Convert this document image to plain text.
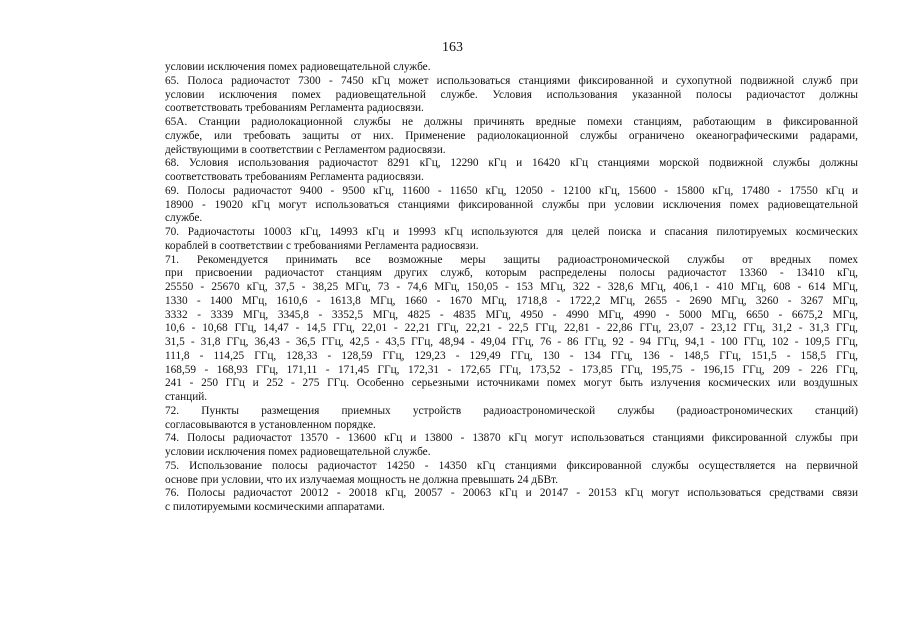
163

условии исключения помех радиовещательной службе.

65. Полоса радиочастот 7300 - 7450 кГц может использоваться станциями фиксированной и сухопутной подвижной служб при
условии исключения помех радиовещательной службе. Условия использования указанной полосы радиочастот должны
соответствовать требованиям Регламента радиосвязи.

65А. Станции радиолокационной службы не должны причинять вредные помехи станциям, работающим в фиксированной
службе, или требовать защиты от них. Применение радиолокационной службы ограничено океанографическими радарами,
действующими в соответствии с Регламентом радиосвязи.

68. Условия использования радиочастот 8291 кГц, 12290 кГц и 16420 кГц станциями морской подвижной службы должны
соответствовать требованиям Регламента радиосвязи.

69. Полосы радиочастот 9400 - 9500 кГц, 11600 - 11650 кГц, 12050 - 12100 кГц, 15600 - 15800 кГц, 17480 - 17550 кГц и
18900 - 19020 кГц могут использоваться станциями фиксированной службы при условии исключения помех радиовещательной
службе.

70. Радиочастоты 10003 кГц, 14993 кГц и 19993 кГц используются для целей поиска и спасания пилотируемых космических
кораблей в соответствии с требованиями Регламента радиосвязи.

71. Рекомендуется принимать все возможные меры защиты радиоастрономической службы от вредных помех
при присвоении радиочастот станциям других служб, которым распределены полосы радиочастот 13360 - 13410 кГц,
25550 - 25670 кГц, 37,5 - 38,25 МГц, 73 - 74,6 МГц, 150,05 - 153 МГц, 322 - 328,6 МГц, 406,1 - 410 МГц, 608 - 614 МГц,
1330 - 1400 МГц, 1610,6 - 1613,8 МГц, 1660 - 1670 МГц, 1718,8 - 1722,2 МГц, 2655 - 2690 МГц, 3260 - 3267 МГц,
3332 - 3339 МГц, 3345,8 - 3352,5 МГц, 4825 - 4835 МГц, 4950 - 4990 МГц, 4990 - 5000 МГц, 6650 - 6675,2 МГц,
10,6 - 10,68 ГГц, 14,47 - 14,5 ГГц, 22,01 - 22,21 ГГц, 22,21 - 22,5 ГГц, 22,81 - 22,86 ГГц, 23,07 - 23,12 ГГц, 31,2 - 31,3 ГГц,
31,5 - 31,8 ГГц, 36,43 - 36,5 ГГц, 42,5 - 43,5 ГГц, 48,94 - 49,04 ГГц, 76 - 86 ГГц, 92 - 94 ГГц, 94,1 - 100 ГГц, 102 - 109,5 ГГц,
111,8 - 114,25 ГГц, 128,33 - 128,59 ГГц, 129,23 - 129,49 ГГц, 130 - 134 ГГц, 136 - 148,5 ГГц, 151,5 - 158,5 ГГц,
168,59 - 168,93 ГГц, 171,11 - 171,45 ГГц, 172,31 - 172,65 ГГц, 173,52 - 173,85 ГГц, 195,75 - 196,15 ГГц, 209 - 226 ГГц,
241 - 250 ГГц и 252 - 275 ГГц. Особенно серьезными источниками помех могут быть излучения космических или воздушных
станций.

72. Пункты размещения приемных устройств радиоастрономической службы (радиоастрономических станций)
согласовываются в установленном порядке.

74. Полосы радиочастот 13570 - 13600 кГц и 13800 - 13870 кГц могут использоваться станциями фиксированной службы при
условии исключения помех радиовещательной службе.

75. Использование полосы радиочастот 14250 - 14350 кГц станциями фиксированной службы осуществляется на первичной
основе при условии, что их излучаемая мощность не должна превышать 24 дБВт.

76. Полосы радиочастот 20012 - 20018 кГц, 20057 - 20063 кГц и 20147 - 20153 кГц могут использоваться средствами связи
с пилотируемыми космическими аппаратами.
